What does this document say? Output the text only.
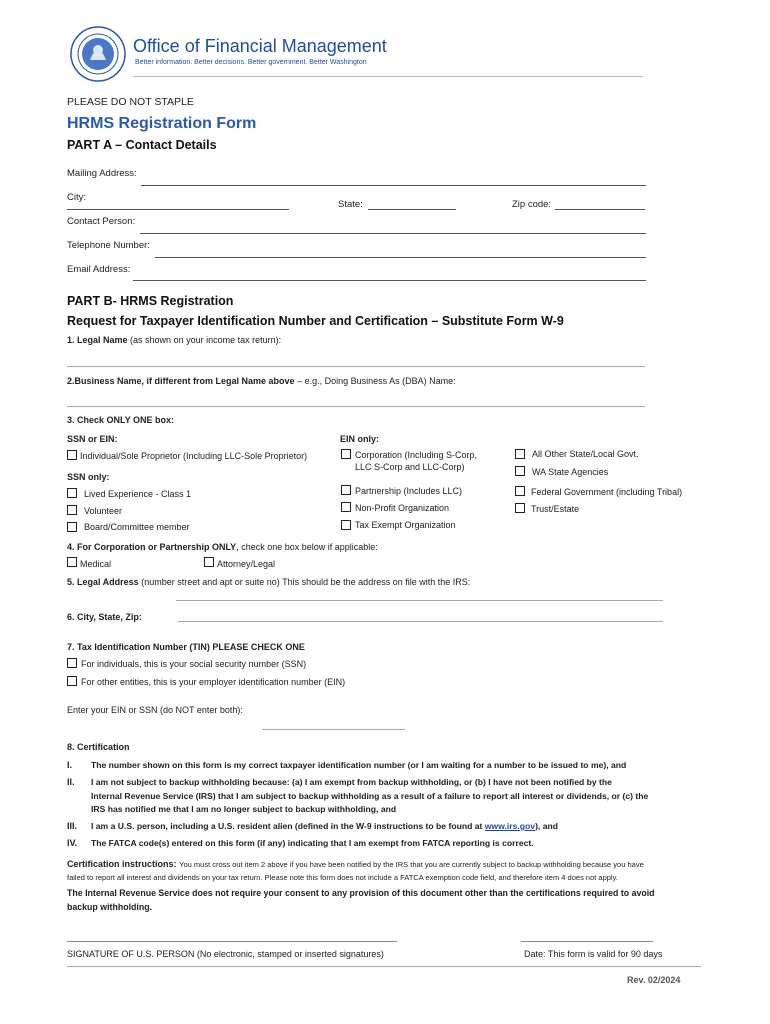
Office of Financial Management
Better information. Better decisions. Better government. Better Washington
PLEASE DO NOT STAPLE
HRMS Registration Form
PART A – Contact Details
Mailing Address:
City:
State:	Zip code:
Contact Person:
Telephone Number:
Email Address:
PART B- HRMS Registration
Request for Taxpayer Identification Number and Certification – Substitute Form W-9
1. Legal Name (as shown on your income tax return):
2.Business Name, if different from Legal Name above – e.g., Doing Business As (DBA) Name:
3. Check ONLY ONE box:
SSN or EIN:
Individual/Sole Proprietor (Including LLC-Sole Proprietor)
SSN only:
Lived Experience - Class 1
Volunteer
Board/Committee member
EIN only:
Corporation (Including S-Corp,
LLC S-Corp and LLC-Corp)
Partnership (Includes LLC)
Non-Profit Organization
Tax Exempt Organization
All Other State/Local Govt.
WA State Agencies
Federal Government (including Tribal)
Trust/Estate
4. For Corporation or Partnership ONLY, check one box below if applicable:
Medical	Attorney/Legal
5. Legal Address (number street and apt or suite no) This should be the address on file with the IRS:
6. City, State, Zip:
7. Tax Identification Number (TIN) PLEASE CHECK ONE
For individuals, this is your social security number (SSN)
For other entities, this is your employer identification number (EIN)
Enter your EIN or SSN (do NOT enter both):
8. Certification
I. The number shown on this form is my correct taxpayer identification number (or I am waiting for a number to be issued to me), and
II. I am not subject to backup withholding because: (a) I am exempt from backup withholding, or (b) I have not been notified by the
Internal Revenue Service (IRS) that I am subject to backup withholding as a result of a failure to report all interest or dividends, or (c) the
IRS has notified me that I am no longer subject to backup withholding, and
III. I am a U.S. person, including a U.S. resident alien (defined in the W-9 instructions to be found at www.irs.gov), and
IV. The FATCA code(s) entered on this form (if any) indicating that I am exempt from FATCA reporting is correct.
Certification instructions: You must cross out item 2 above if you have been notified by the IRS that you are currently subject to backup withholding because you have
failed to report all interest and dividends on your tax return. Please note this form does not include a FATCA exemption code field, and therefore item 4 does not apply.
The Internal Revenue Service does not require your consent to any provision of this document other than the certifications required to avoid
backup withholding.
SIGNATURE OF U.S. PERSON (No electronic, stamped or inserted signatures)	Date: This form is valid for 90 days
Rev. 02/2024
